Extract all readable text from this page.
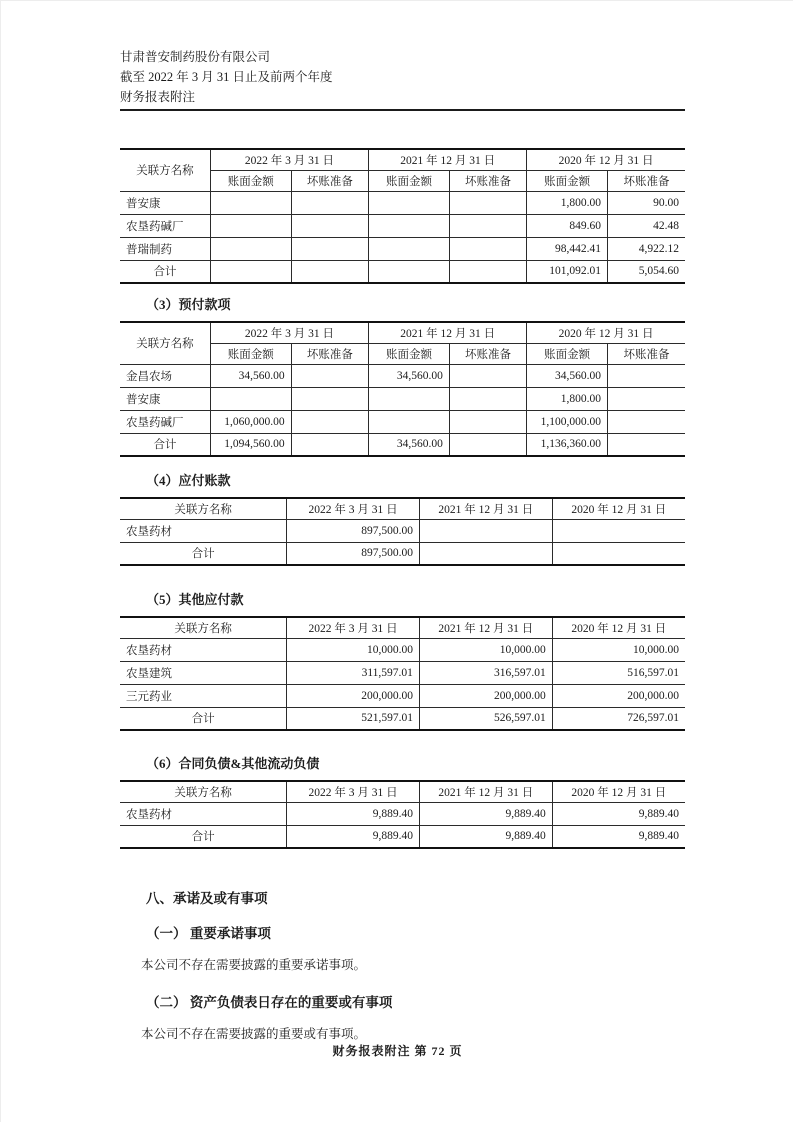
甘肃普安制药股份有限公司
截至 2022 年 3 月 31 日止及前两个年度
财务报表附注
关联方名称	2022 年 3 月 31 日		2021 年 12 月 31 日		2020 年 12 月 31 日	
	账面金额	坏账准备	账面金额	坏账准备	账面金额	坏账准备
普安康					1,800.00	90.00
农垦药碱厂					849.60	42.48
普瑞制药					98,442.41	4,922.12
合计					101,092.01	5,054.60
（3）预付款项
关联方名称	2022 年 3 月 31 日		2021 年 12 月 31 日		2020 年 12 月 31 日	
	账面金额	坏账准备	账面金额	坏账准备	账面金额	坏账准备
金昌农场	34,560.00		34,560.00		34,560.00	
普安康					1,800.00	
农垦药碱厂	1,060,000.00				1,100,000.00	
合计	1,094,560.00		34,560.00		1,136,360.00	
（4）应付账款
关联方名称	2022 年 3 月 31 日	2021 年 12 月 31 日	2020 年 12 月 31 日
农垦药材	897,500.00		
合计	897,500.00		
（5）其他应付款
关联方名称	2022 年 3 月 31 日	2021 年 12 月 31 日	2020 年 12 月 31 日
农垦药材	10,000.00	10,000.00	10,000.00
农垦建筑	311,597.01	316,597.01	516,597.01
三元药业	200,000.00	200,000.00	200,000.00
合计	521,597.01	526,597.01	726,597.01
（6）合同负债&其他流动负债
关联方名称	2022 年 3 月 31 日	2021 年 12 月 31 日	2020 年 12 月 31 日
农垦药材	9,889.40	9,889.40	9,889.40
合计	9,889.40	9,889.40	9,889.40
八、承诺及或有事项
（一） 重要承诺事项
本公司不存在需要披露的重要承诺事项。
（二） 资产负债表日存在的重要或有事项
本公司不存在需要披露的重要或有事项。
财务报表附注 第 72 页
